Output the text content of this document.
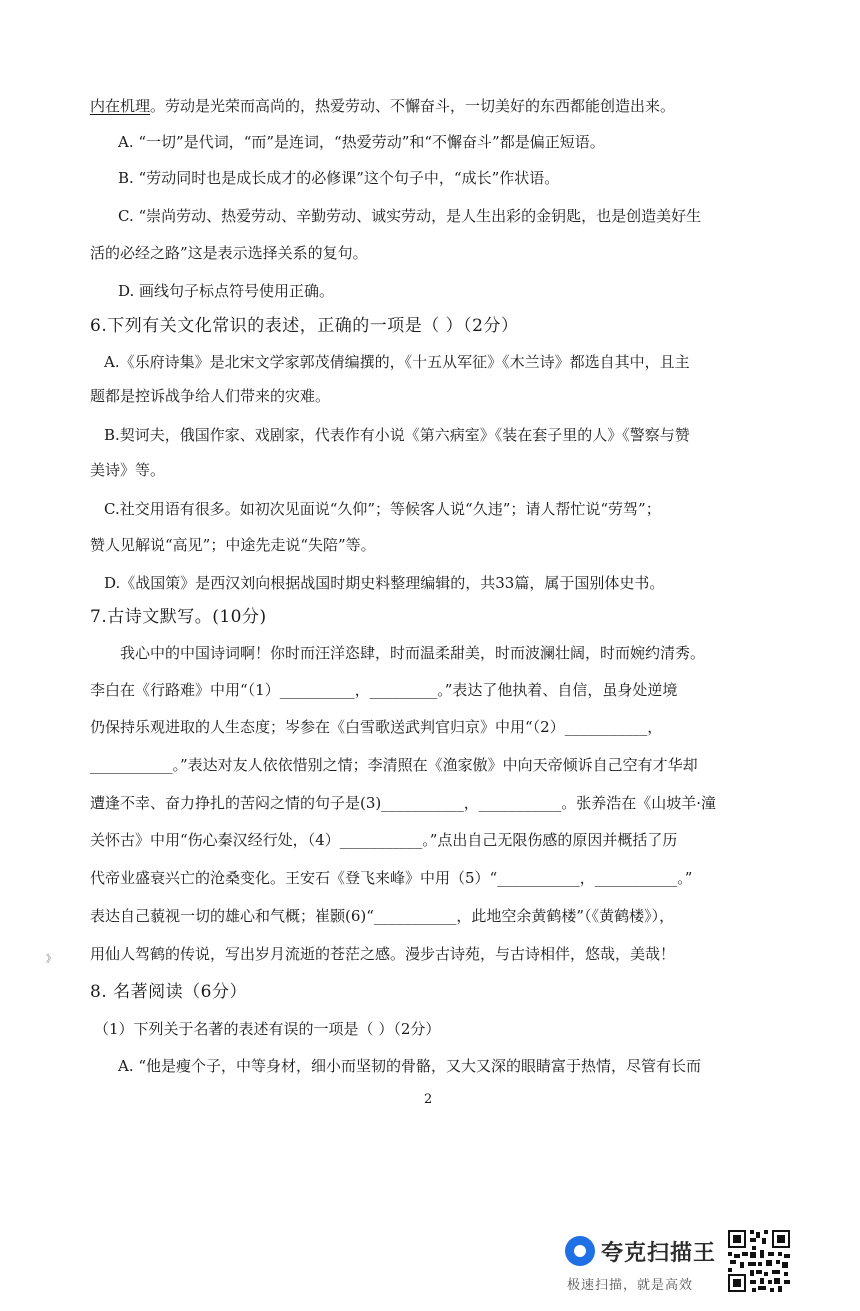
内在机理。劳动是光荣而高尚的，热爱劳动、不懈奋斗，一切美好的东西都能创造出来。
A. “一切”是代词，“而”是连词，“热爱劳动”和“不懈奋斗”都是偏正短语。
B. “劳动同时也是成长成才的必修课”这个句子中，“成长”作状语。
C. “崇尚劳动、热爱劳动、辛勤劳动、诚实劳动，是人生出彩的金钥匙，也是创造美好生
活的必经之路”这是表示选择关系的复句。
D. 画线句子标点符号使用正确。
6.下列有关文化常识的表述，正确的一项是（ ）（2分）
A.《乐府诗集》是北宋文学家郭茂倩编撰的，《十五从军征》《木兰诗》都选自其中，且主
题都是控诉战争给人们带来的灾难。
B.契诃夫，俄国作家、戏剧家，代表作有小说《第六病室》《装在套子里的人》《警察与赞
美诗》等。
C.社交用语有很多。如初次见面说“久仰”；等候客人说“久违”；请人帮忙说“劳驾”；
赞人见解说“高见”；中途先走说“失陪”等。
D.《战国策》是西汉刘向根据战国时期史料整理编辑的，共33篇，属于国别体史书。
7.古诗文默写。(10分)
我心中的中国诗词啊！你时而汪洋恣肆，时而温柔甜美，时而波澜壮阔，时而婉约清秀。
李白在《行路难》中用“（1）__________，_________。”表达了他执着、自信，虽身处逆境
仍保持乐观进取的人生态度；岑参在《白雪歌送武判官归京》中用“（2）___________，
___________。”表达对友人依依惜别之情；李清照在《渔家傲》中向天帝倾诉自己空有才华却
遭逢不幸、奋力挣扎的苦闷之情的句子是(3)___________，___________。张养浩在《山坡羊·潼
关怀古》中用“伤心秦汉经行处，（4）___________。”点出自己无限伤感的原因并概括了历
代帝业盛衰兴亡的沧桑变化。王安石《登飞来峰》中用（5）“___________，___________。”
表达自己藐视一切的雄心和气概；崔颢(6)“___________，此地空余黄鹤楼”（《黄鹤楼》），
用仙人驾鹤的传说，写出岁月流逝的苍茫之感。漫步古诗苑，与古诗相伴，悠哉，美哉！
》
8. 名著阅读（6分）
（1）下列关于名著的表述有误的一项是（ ）（2分）
A. “他是瘦个子，中等身材，细小而坚韧的骨骼，又大又深的眼睛富于热情，尽管有长而
2
夸克扫描王
极速扫描，就是高效
